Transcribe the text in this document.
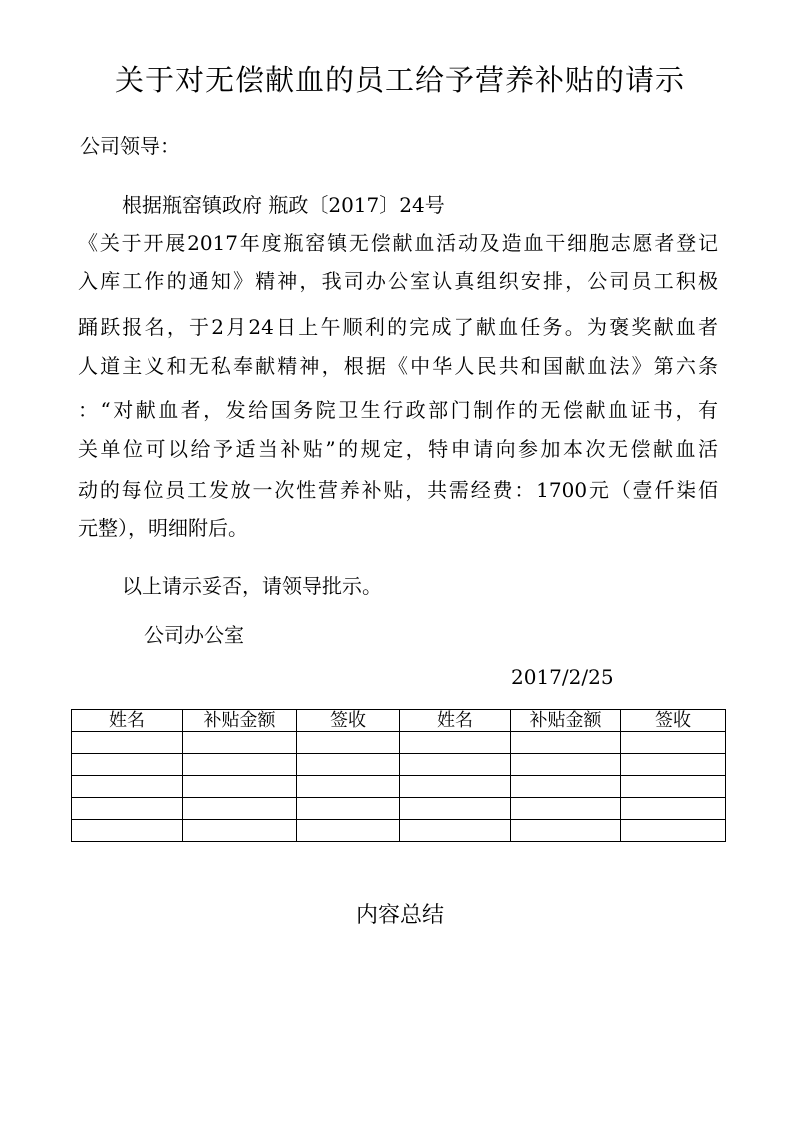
关于对无偿献血的员工给予营养补贴的请示
公司领导：
根据瓶窑镇政府 瓶政〔2017〕24号
《关于开展2017年度瓶窑镇无偿献血活动及造血干细胞志愿者登记
入库工作的通知》精神，我司办公室认真组织安排，公司员工积极
踊跃报名，于2月24日上午顺利的完成了献血任务。为褒奖献血者
人道主义和无私奉献精神，根据《中华人民共和国献血法》第六条
：“对献血者，发给国务院卫生行政部门制作的无偿献血证书，有
关单位可以给予适当补贴”的规定，特申请向参加本次无偿献血活
动的每位员工发放一次性营养补贴，共需经费：1700元（壹仟柒佰
元整），明细附后。
以上请示妥否，请领导批示。
公司办公室
2017/2/25
姓名	补贴金额	签收	姓名	补贴金额	签收

内容总结
